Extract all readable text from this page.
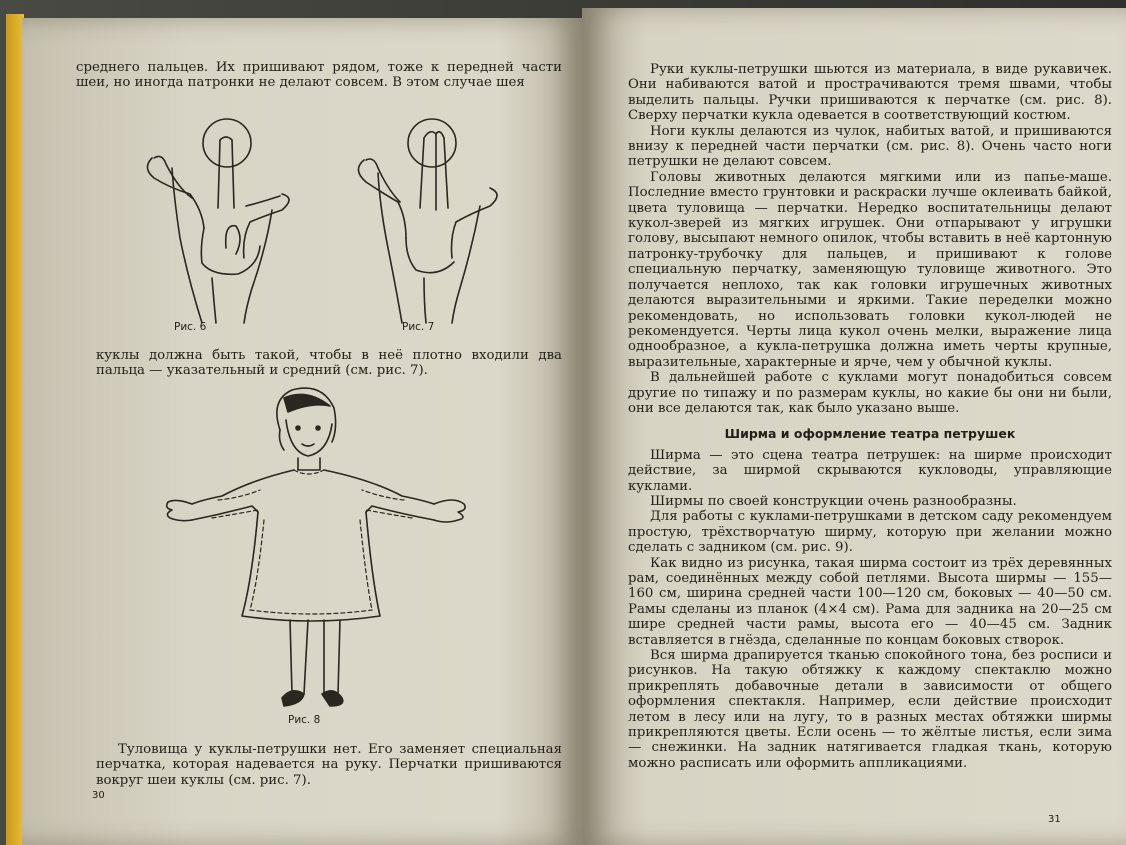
среднего пальцев. Их пришивают рядом, тоже к передней части шеи, но иногда патронки не делают совсем. В этом случае шея

Рис. 6	Рис. 7

куклы должна быть такой, чтобы в неё плотно входили два пальца — указательный и средний (см. рис. 7).

Рис. 8

Туловища у куклы-петрушки нет. Его заменяет специальная перчатка, которая надевается на руку. Перчатки пришиваются вокруг шеи куклы (см. рис. 7).

30

Руки куклы-петрушки шьются из материала, в виде рукавичек. Они набиваются ватой и прострачиваются тремя швами, чтобы выделить пальцы. Ручки пришиваются к перчатке (см. рис. 8). Сверху перчатки кукла одевается в соответствующий костюм.

Ноги куклы делаются из чулок, набитых ватой, и пришиваются внизу к передней части перчатки (см. рис. 8). Очень часто ноги петрушки не делают совсем.

Головы животных делаются мягкими или из папье-маше. Последние вместо грунтовки и раскраски лучше оклеивать байкой, цвета туловища — перчатки. Нередко воспитательницы делают кукол-зверей из мягких игрушек. Они отпарывают у игрушки голову, высыпают немного опилок, чтобы вставить в неё картонную патронку-трубочку для пальцев, и пришивают к голове специальную перчатку, заменяющую туловище животного. Это получается неплохо, так как головки игрушечных животных делаются выразительными и яркими. Такие переделки можно рекомендовать, но использовать головки кукол-людей не рекомендуется. Черты лица кукол очень мелки, выражение лица однообразное, а кукла-петрушка должна иметь черты крупные, выразительные, характерные и ярче, чем у обычной куклы.

В дальнейшей работе с куклами могут понадобиться совсем другие по типажу и по размерам куклы, но какие бы они ни были, они все делаются так, как было указано выше.

Ширма и оформление театра петрушек

Ширма — это сцена театра петрушек: на ширме происходит действие, за ширмой скрываются кукловоды, управляющие куклами.

Ширмы по своей конструкции очень разнообразны.

Для работы с куклами-петрушками в детском саду рекомендуем простую, трёхстворчатую ширму, которую при желании можно сделать с задником (см. рис. 9).

Как видно из рисунка, такая ширма состоит из трёх деревянных рам, соединённых между собой петлями. Высота ширмы — 155—160 см, ширина средней части 100—120 см, боковых — 40—50 см. Рамы сделаны из планок (4×4 см). Рама для задника на 20—25 см шире средней части рамы, высота его — 40—45 см. Задник вставляется в гнёзда, сделанные по концам боковых створок.

Вся ширма драпируется тканью спокойного тона, без росписи и рисунков. На такую обтяжку к каждому спектаклю можно прикреплять добавочные детали в зависимости от общего оформления спектакля. Например, если действие происходит летом в лесу или на лугу, то в разных местах обтяжки ширмы прикрепляются цветы. Если осень — то жёлтые листья, если зима — снежинки. На задник натягивается гладкая ткань, которую можно расписать или оформить аппликациями.

31
